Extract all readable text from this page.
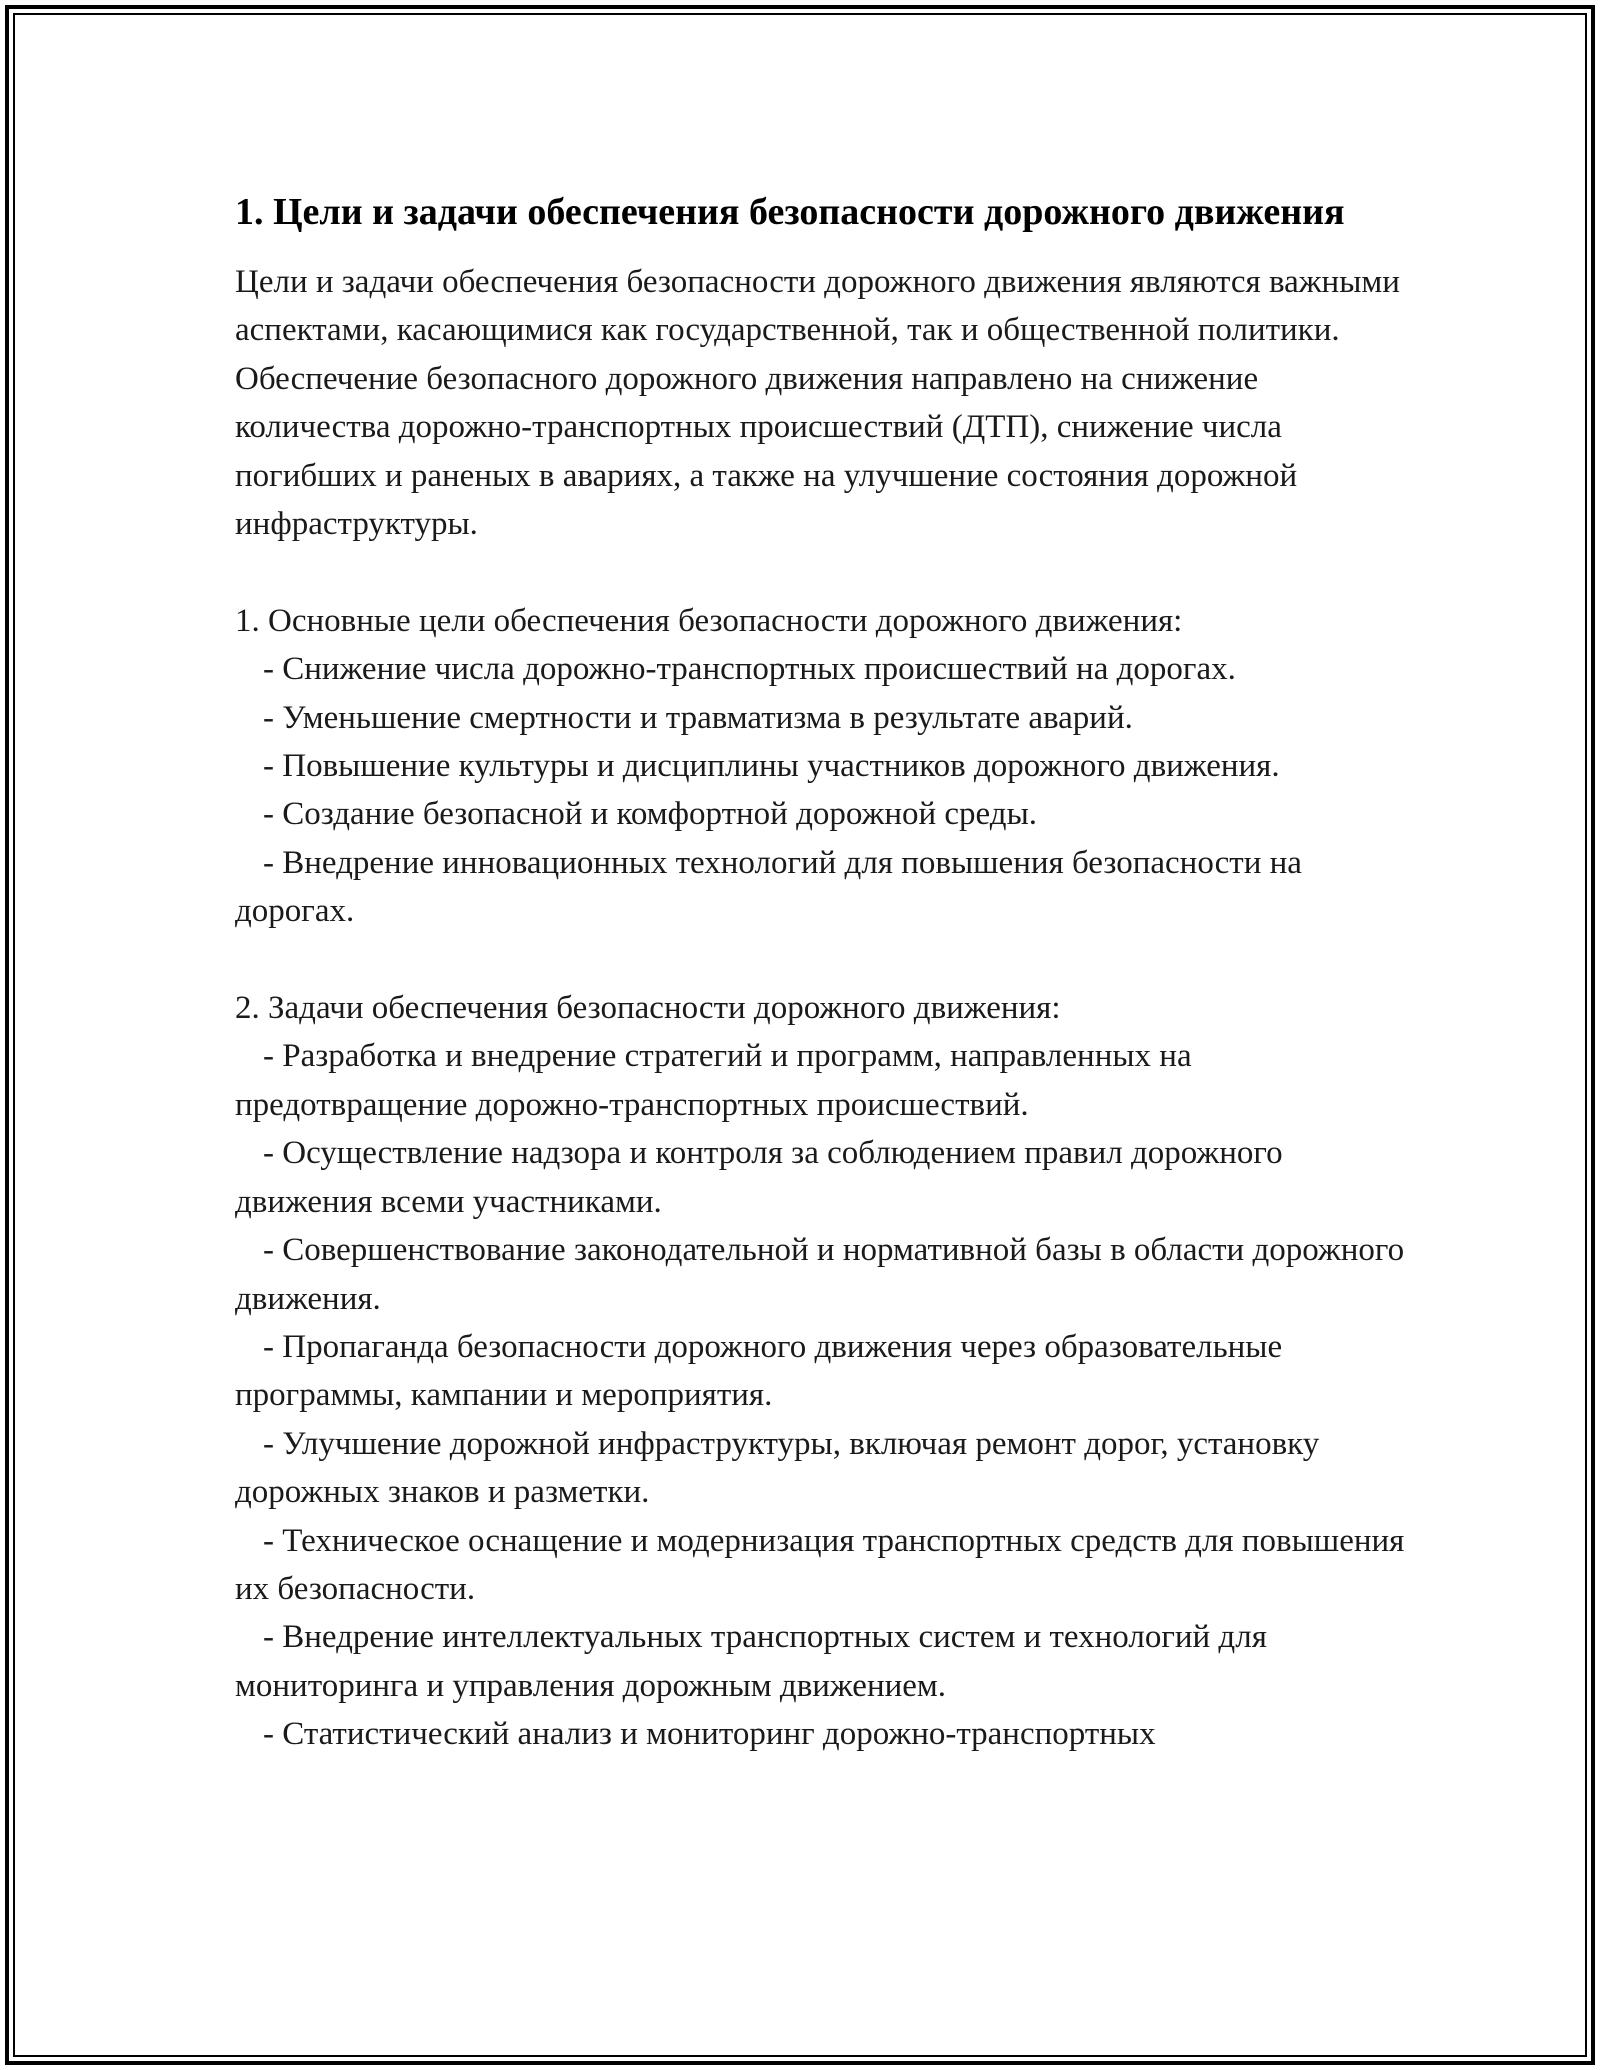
1. Цели и задачи обеспечения безопасности дорожного движения

Цели и задачи обеспечения безопасности дорожного движения являются важными аспектами, касающимися как государственной, так и общественной политики. Обеспечение безопасного дорожного движения направлено на снижение количества дорожно-транспортных происшествий (ДТП), снижение числа погибших и раненых в авариях, а также на улучшение состояния дорожной инфраструктуры.

1. Основные цели обеспечения безопасности дорожного движения:

- Снижение числа дорожно-транспортных происшествий на дорогах.

- Уменьшение смертности и травматизма в результате аварий.

- Повышение культуры и дисциплины участников дорожного движения.

- Создание безопасной и комфортной дорожной среды.

- Внедрение инновационных технологий для повышения безопасности на дорогах.

2. Задачи обеспечения безопасности дорожного движения:

- Разработка и внедрение стратегий и программ, направленных на предотвращение дорожно-транспортных происшествий.

- Осуществление надзора и контроля за соблюдением правил дорожного движения всеми участниками.

- Совершенствование законодательной и нормативной базы в области дорожного движения.

- Пропаганда безопасности дорожного движения через образовательные программы, кампании и мероприятия.

- Улучшение дорожной инфраструктуры, включая ремонт дорог, установку дорожных знаков и разметки.

- Техническое оснащение и модернизация транспортных средств для повышения их безопасности.

- Внедрение интеллектуальных транспортных систем и технологий для мониторинга и управления дорожным движением.

- Статистический анализ и мониторинг дорожно-транспортных
